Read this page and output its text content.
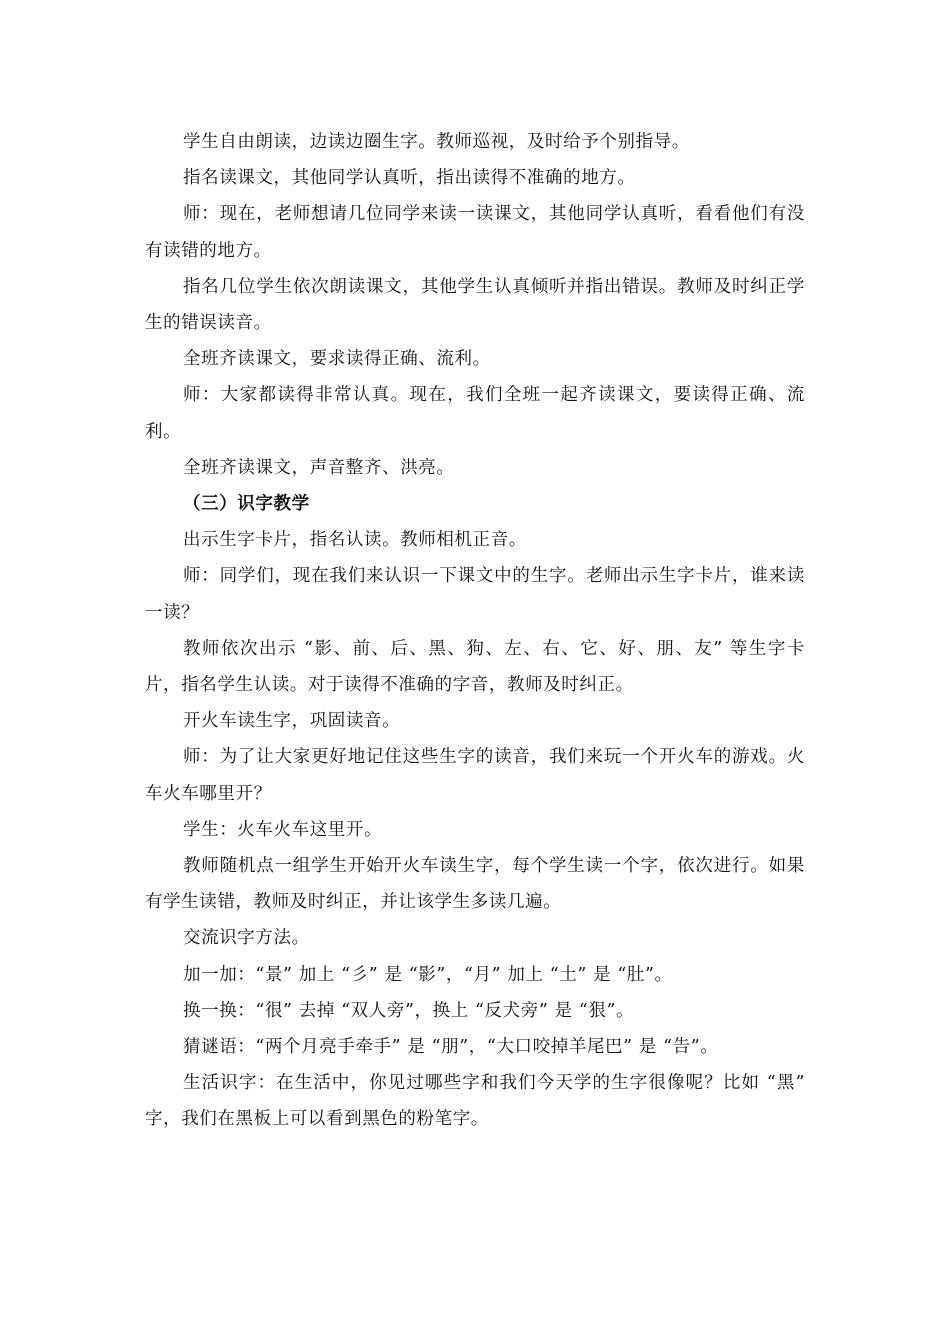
学生自由朗读，边读边圈生字。教师巡视，及时给予个别指导。

指名读课文，其他同学认真听，指出读得不准确的地方。

师：现在，老师想请几位同学来读一读课文，其他同学认真听，看看他们有没有读错的地方。

指名几位学生依次朗读课文，其他学生认真倾听并指出错误。教师及时纠正学生的错误读音。

全班齐读课文，要求读得正确、流利。

师：大家都读得非常认真。现在，我们全班一起齐读课文，要读得正确、流利。

全班齐读课文，声音整齐、洪亮。

（三）识字教学

出示生字卡片，指名认读。教师相机正音。

师：同学们，现在我们来认识一下课文中的生字。老师出示生字卡片，谁来读一读？

教师依次出示 “影、前、后、黑、狗、左、右、它、好、朋、友” 等生字卡片，指名学生认读。对于读得不准确的字音，教师及时纠正。

开火车读生字，巩固读音。

师：为了让大家更好地记住这些生字的读音，我们来玩一个开火车的游戏。火车火车哪里开？

学生：火车火车这里开。

教师随机点一组学生开始开火车读生字，每个学生读一个字，依次进行。如果有学生读错，教师及时纠正，并让该学生多读几遍。

交流识字方法。

加一加：“景” 加上 “彡” 是 “影”，“月” 加上 “土” 是 “肚”。

换一换：“很” 去掉 “双人旁”，换上 “反犬旁” 是 “狠”。

猜谜语：“两个月亮手牵手” 是 “朋”，“大口咬掉羊尾巴” 是 “告”。

生活识字：在生活中，你见过哪些字和我们今天学的生字很像呢？比如 “黑” 字，我们在黑板上可以看到黑色的粉笔字。
